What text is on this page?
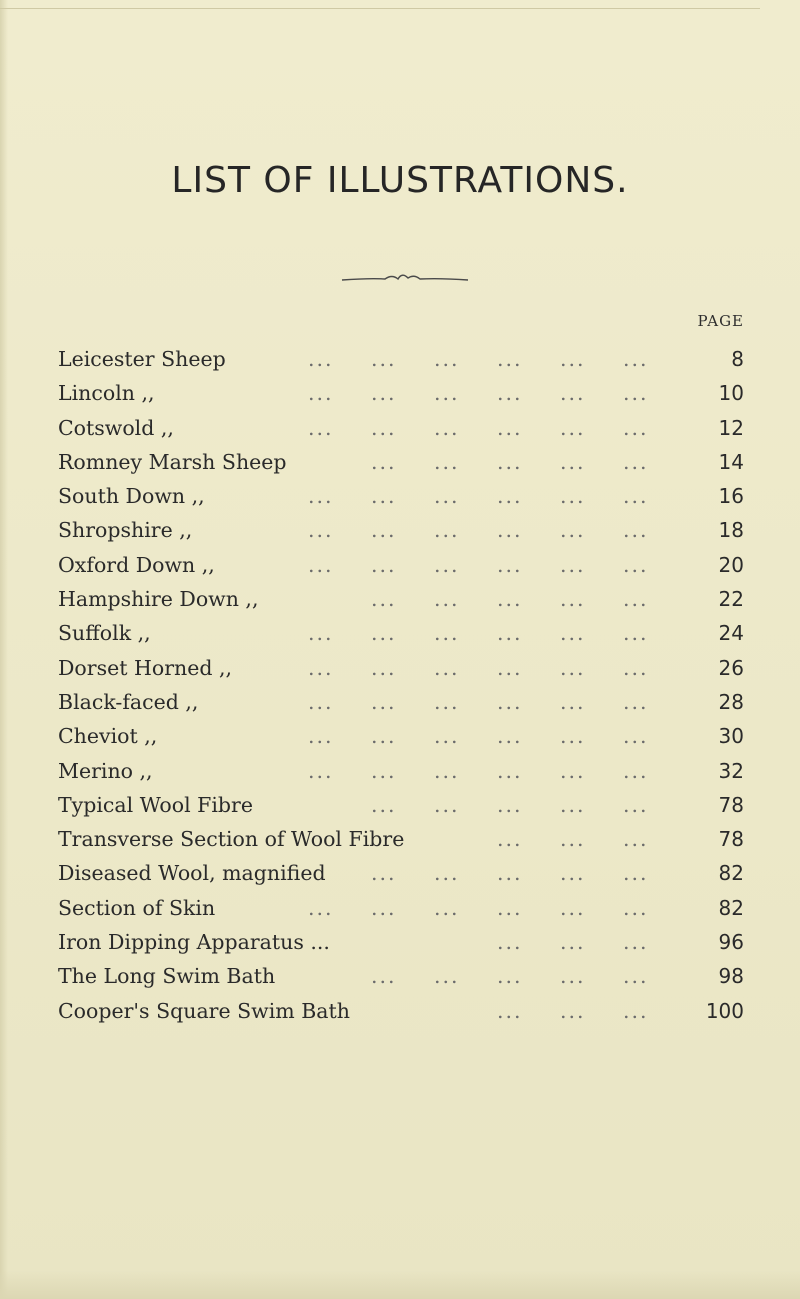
LIST OF ILLUSTRATIONS.
PAGE
Leicester Sheep	... ... ... ... ... ...	8
Lincoln ,,	... ... ... ... ... ...	10
Cotswold ,,	... ... ... ... ... ...	12
Romney Marsh Sheep	... ... ... ... ...	14
South Down ,,	... ... ... ... ... ...	16
Shropshire ,,	... ... ... ... ... ...	18
Oxford Down ,,	... ... ... ... ... ...	20
Hampshire Down ,,	... ... ... ... ...	22
Suffolk ,,	... ... ... ... ... ...	24
Dorset Horned ,,	... ... ... ... ... ...	26
Black-faced ,,	... ... ... ... ... ...	28
Cheviot ,,	... ... ... ... ... ...	30
Merino ,,	... ... ... ... ... ...	32
Typical Wool Fibre	... ... ... ... ...	78
Transverse Section of Wool Fibre	... ... ...	78
Diseased Wool, magnified	... ... ... ... ...	82
Section of Skin	... ... ... ... ... ...	82
Iron Dipping Apparatus ...	... ... ...	96
The Long Swim Bath	... ... ... ... ...	98
Cooper's Square Swim Bath	... ... ...	100
